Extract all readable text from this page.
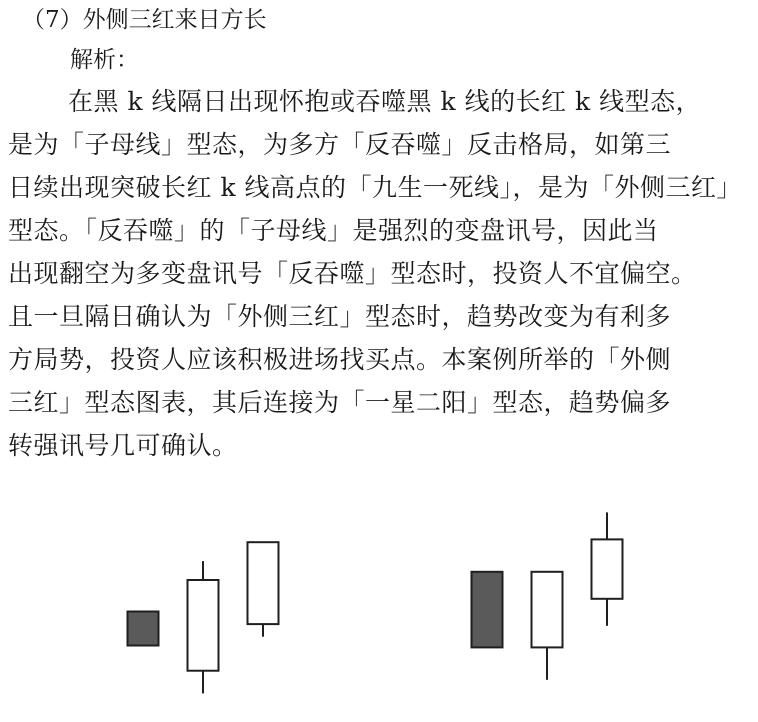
（7）外侧三红来日方长
解析：
在黑 k 线隔日出现怀抱或吞噬黑 k 线的长红 k 线型态，
是为「子母线」型态，为多方「反吞噬」反击格局，如第三
日续出现突破长红 k 线高点的「九生一死线」，是为「外侧三红」
型态。「反吞噬」的「子母线」是强烈的变盘讯号，因此当
出现翻空为多变盘讯号「反吞噬」型态时，投资人不宜偏空。
且一旦隔日确认为「外侧三红」型态时，趋势改变为有利多
方局势，投资人应该积极进场找买点。本案例所举的「外侧
三红」型态图表，其后连接为「一星二阳」型态，趋势偏多
转强讯号几可确认。
